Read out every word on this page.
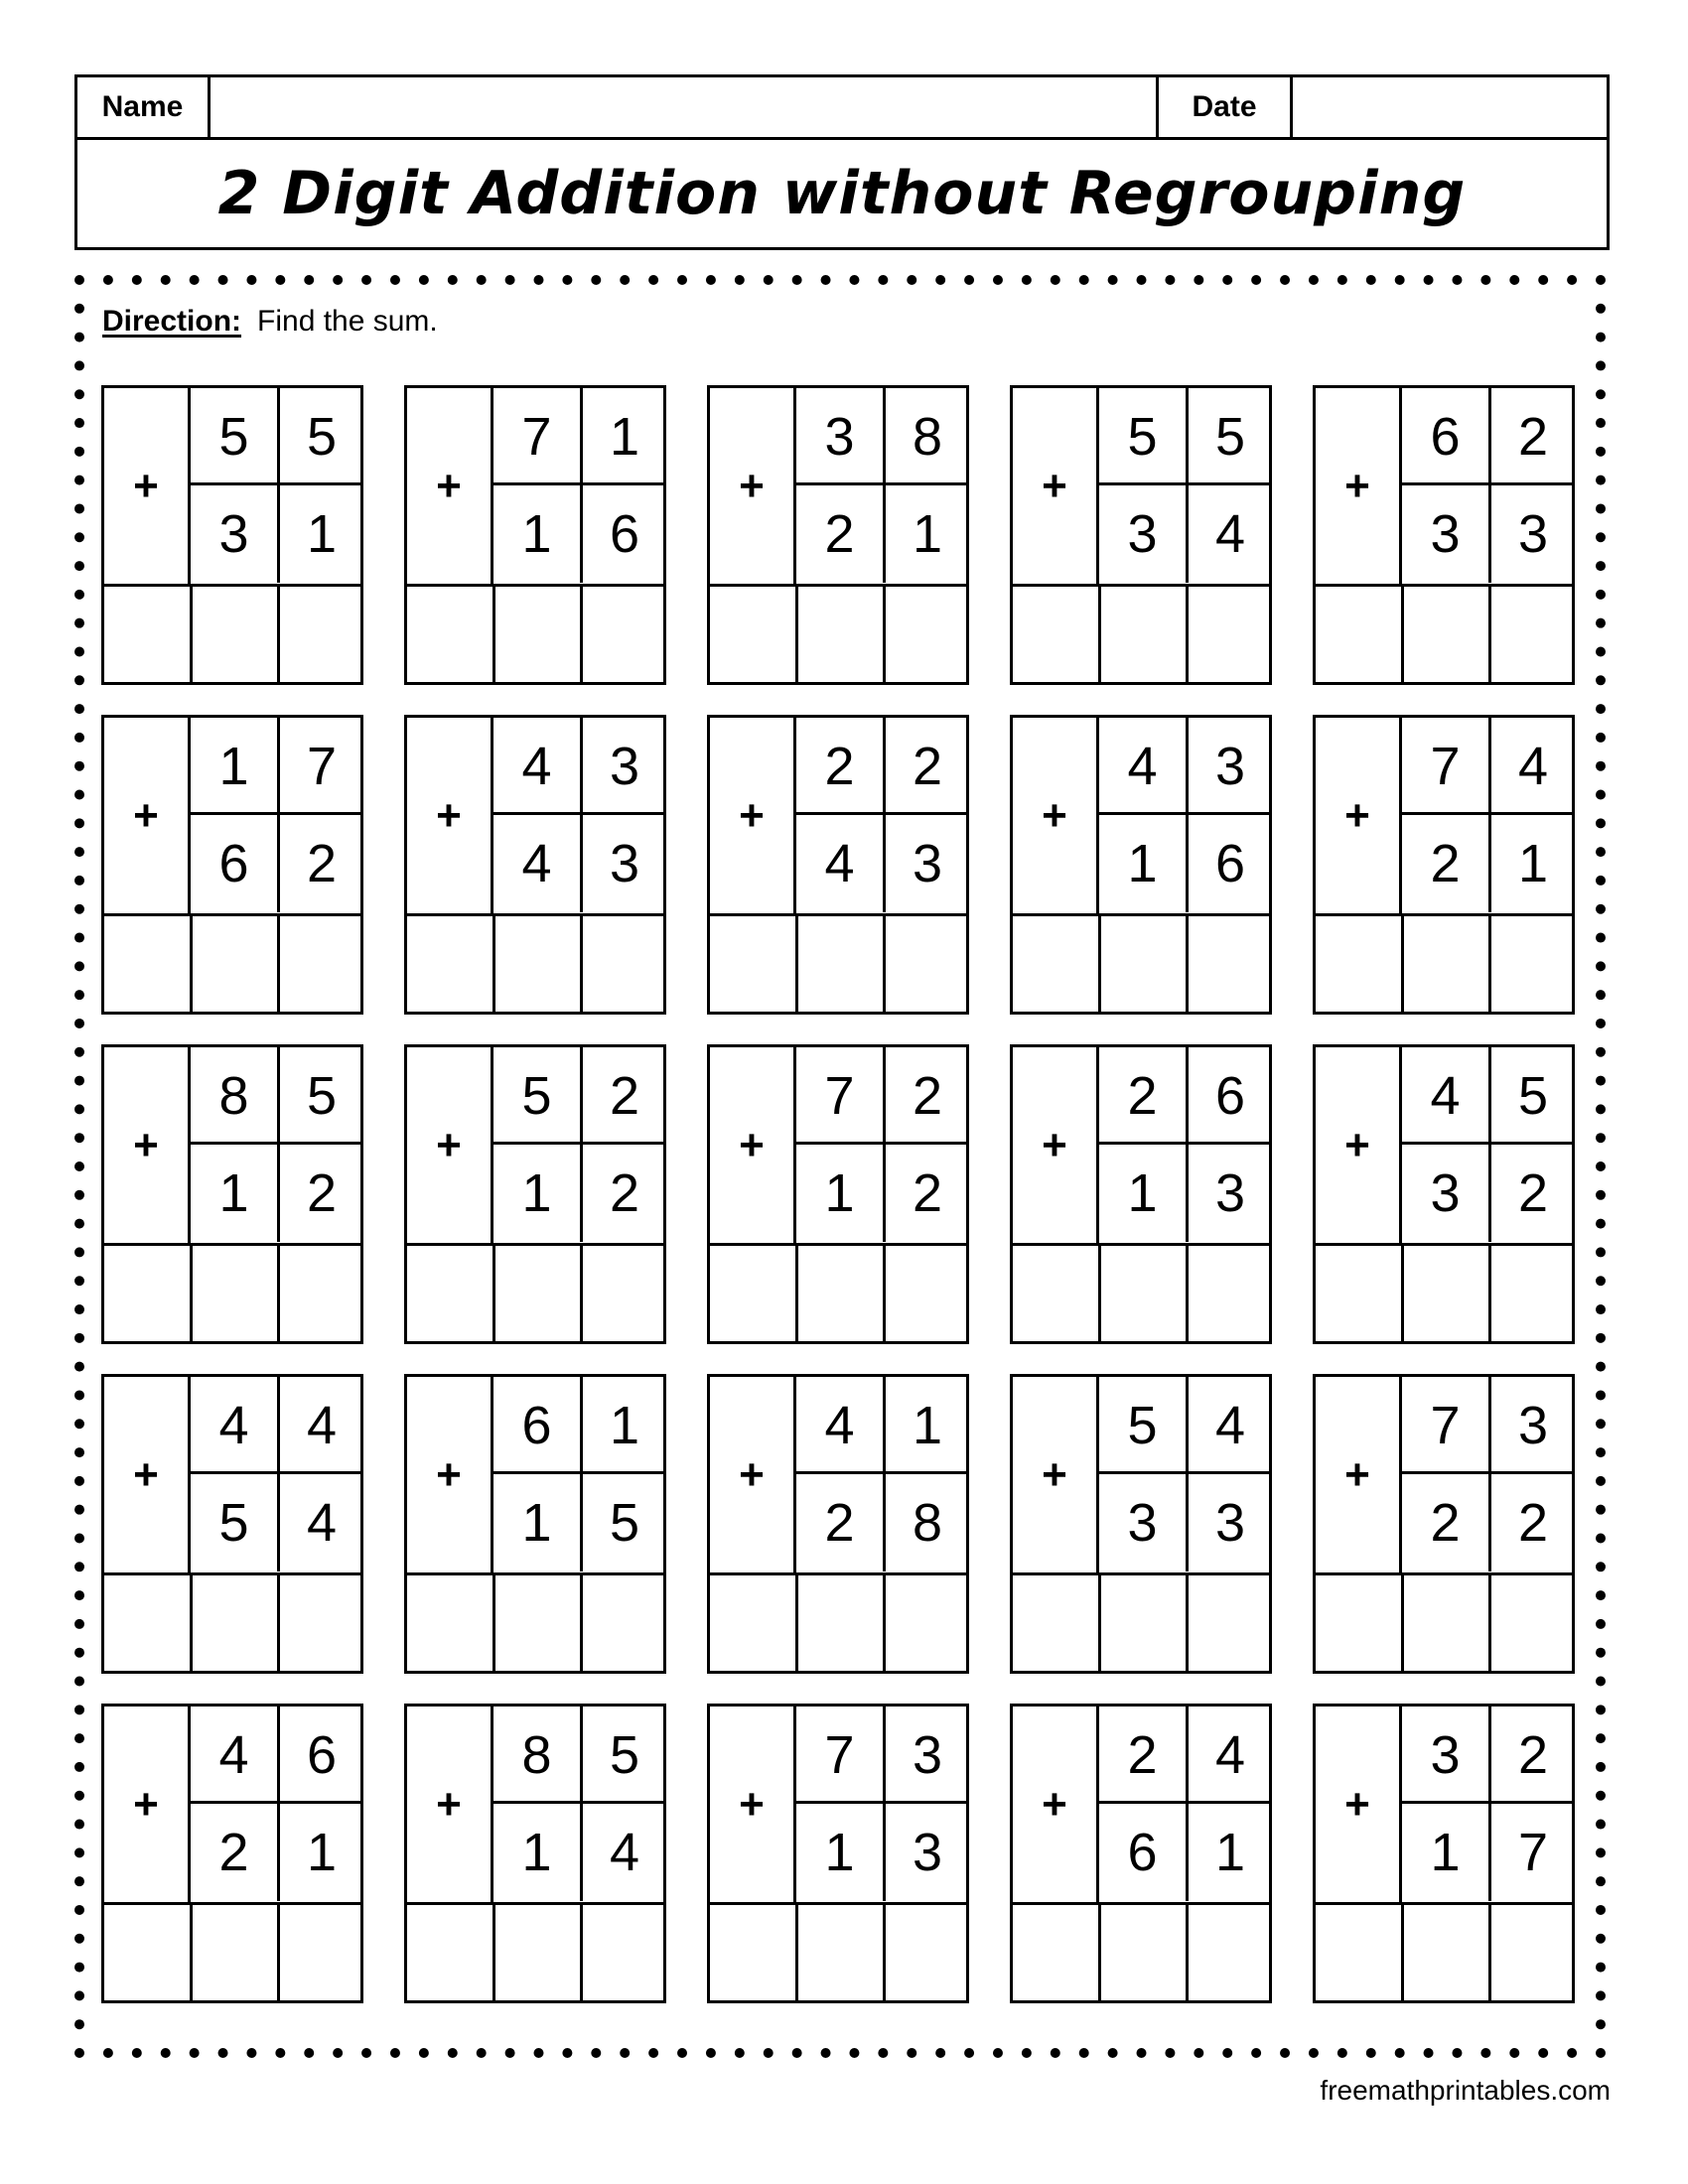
Name	Date
2 Digit Addition without Regrouping
Direction: Find the sum.
+
5	5
3	1
+
7	1
1	6
+
3	8
2	1
+
5	5
3	4
+
6	2
3	3
+
1	7
6	2
+
4	3
4	3
+
2	2
4	3
+
4	3
1	6
+
7	4
2	1
+
8	5
1	2
+
5	2
1	2
+
7	2
1	2
+
2	6
1	3
+
4	5
3	2
+
4	4
5	4
+
6	1
1	5
+
4	1
2	8
+
5	4
3	3
+
7	3
2	2
+
4	6
2	1
+
8	5
1	4
+
7	3
1	3
+
2	4
6	1
+
3	2
1	7
freemathprintables.com
